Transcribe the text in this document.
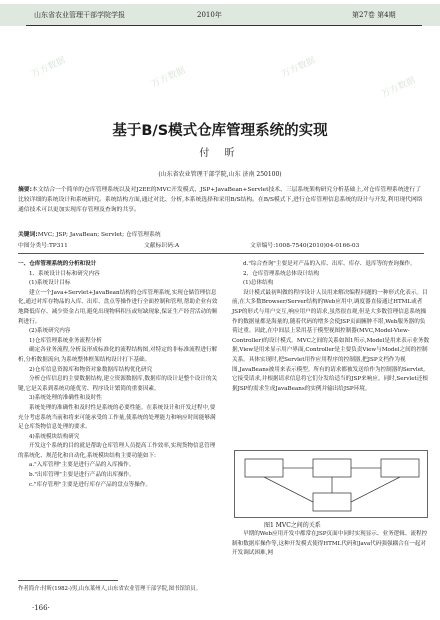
山东省农业管理干部学院学报	2010年	第27卷 第4期
万方数据	万方数据	万方数据
万方数据
基于B/S模式仓库管理系统的实现
付 昕
(山东省农业管理干部学院,山东 济南 250100)
摘要:本文结合一个简单的仓库管理系统以及对J2EE的MVC开发模式、JSP+JavaBean+Servlet技术、三层系统架构研究分析基础上,对仓库管理系统进行了比较详细的系统设计和系统研究。系统结构方面,通过对比、分析,本系统选择和采用B/S结构。在B/S模式下,进行仓库管理信息系统的设计与开发,利用现代网络通信技术可以更加实现库存管理及查询的共享。
关键词:MVC; JSP; JavaBean; Servlet; 仓库管理系统
中图分类号:TP311	文献标识码:A	文章编号:1008-7540(2010)04-0166-03

一、仓库管理系统的分析和设计

1、系统设计目标和研究内容

(1)系统设计目标

建立一个Java+Servlet+JavaBean结构的仓库管理系统,实现仓储管理信息化,通过对库存物品的入库、出库、盘点等操作进行全面控制和管理,帮助企业有效地降低库存、减少资金占用,避免出现物料积压或短缺现象,保证生产经营活动的顺利进行。

(2)系统研究内容

1)仓库管理系统业务流程分析

确定各业务流程,分析及形成标准化的流程结构图,对特定的非标准流程进行解析,分析数据流向,为系统整体框架结构设计打下基础。

2)仓库信息资源库和物资对象数据库结构优化研究

分析仓库信息的主要数据结构,建立资源数据库,数据库的设计是整个设计的关键,它是关系到系统功能优劣、程序设计繁简的重要因素。

3)系统处理的准确性和及时性

系统处理的准确性和及时性是系统的必要性能。在系统设计和开发过程中,要充分考虑系统当前和将来可能承受的工作量,使系统的处理能力和响应时间能够满足仓库货物信息处理的要求。

4)系统模块结构研究

开发这个系统的目的就是帮助仓库管理人员提高工作效率,实现货物信息管理的系统化、规范化和自动化,系统模块结构主要功能如下:

a."入库管理"主要是进行产品的入库操作。

b."出库管理"主要是进行产品的出库操作。

c."库存管理"主要是进行库存产品的盘点等操作。

d."综合查询"主要是对产品的入库、出库、库存、退库等的查询操作。

2、仓库管理系统总体设计结构

(1)总体结构

设计模式最初叫做的程序设计人员用来解决编程问题的一种形式化表示。目前,在大多数Browser/Server结构的Web应用中,调度器直接通过HTML或者JSP的形式与用户交互,响应用户的请求,虽然很直观,但是大多数管理信息系统操作的数据量都是海量的,随着代码的增多会使JSP页面臃肿不堪,Web服务器的负荷过重。因此,在中间层上采用基于模型视图控制器(MVC,Model-View-Controller)的设计模式。MVC之间的关系如图1所示,Model是用来表示业务数据,View是用来显示用户界面,Controller是主要负责View与Model之间的控制关系。具体实现时,把Servlet用作应用程序的控制器,把JSP文档作为视图,JavaBeans被用来表示模型。所有的请求都被发送给作为控制器的Servlet,它接受请求,并根据请求信息将它们分发给适当的JSP来响应。同时,Servlet还根据JSP的需求生成JavaBeans的实例并输出给JSP环境。

图1 MVC之间的关系

早期的Web应用开发中都常在JSP页面中同时实现显示、业务逻辑、流程控制和数据库操作等,这种开发模式使得HTML代码和Java代码强强耦合在一起对开发调试困难,网

作者简介:付昕(1982-)男,山东莱州人,山东省农业管理干部学院,图书馆馆员。
·166·
